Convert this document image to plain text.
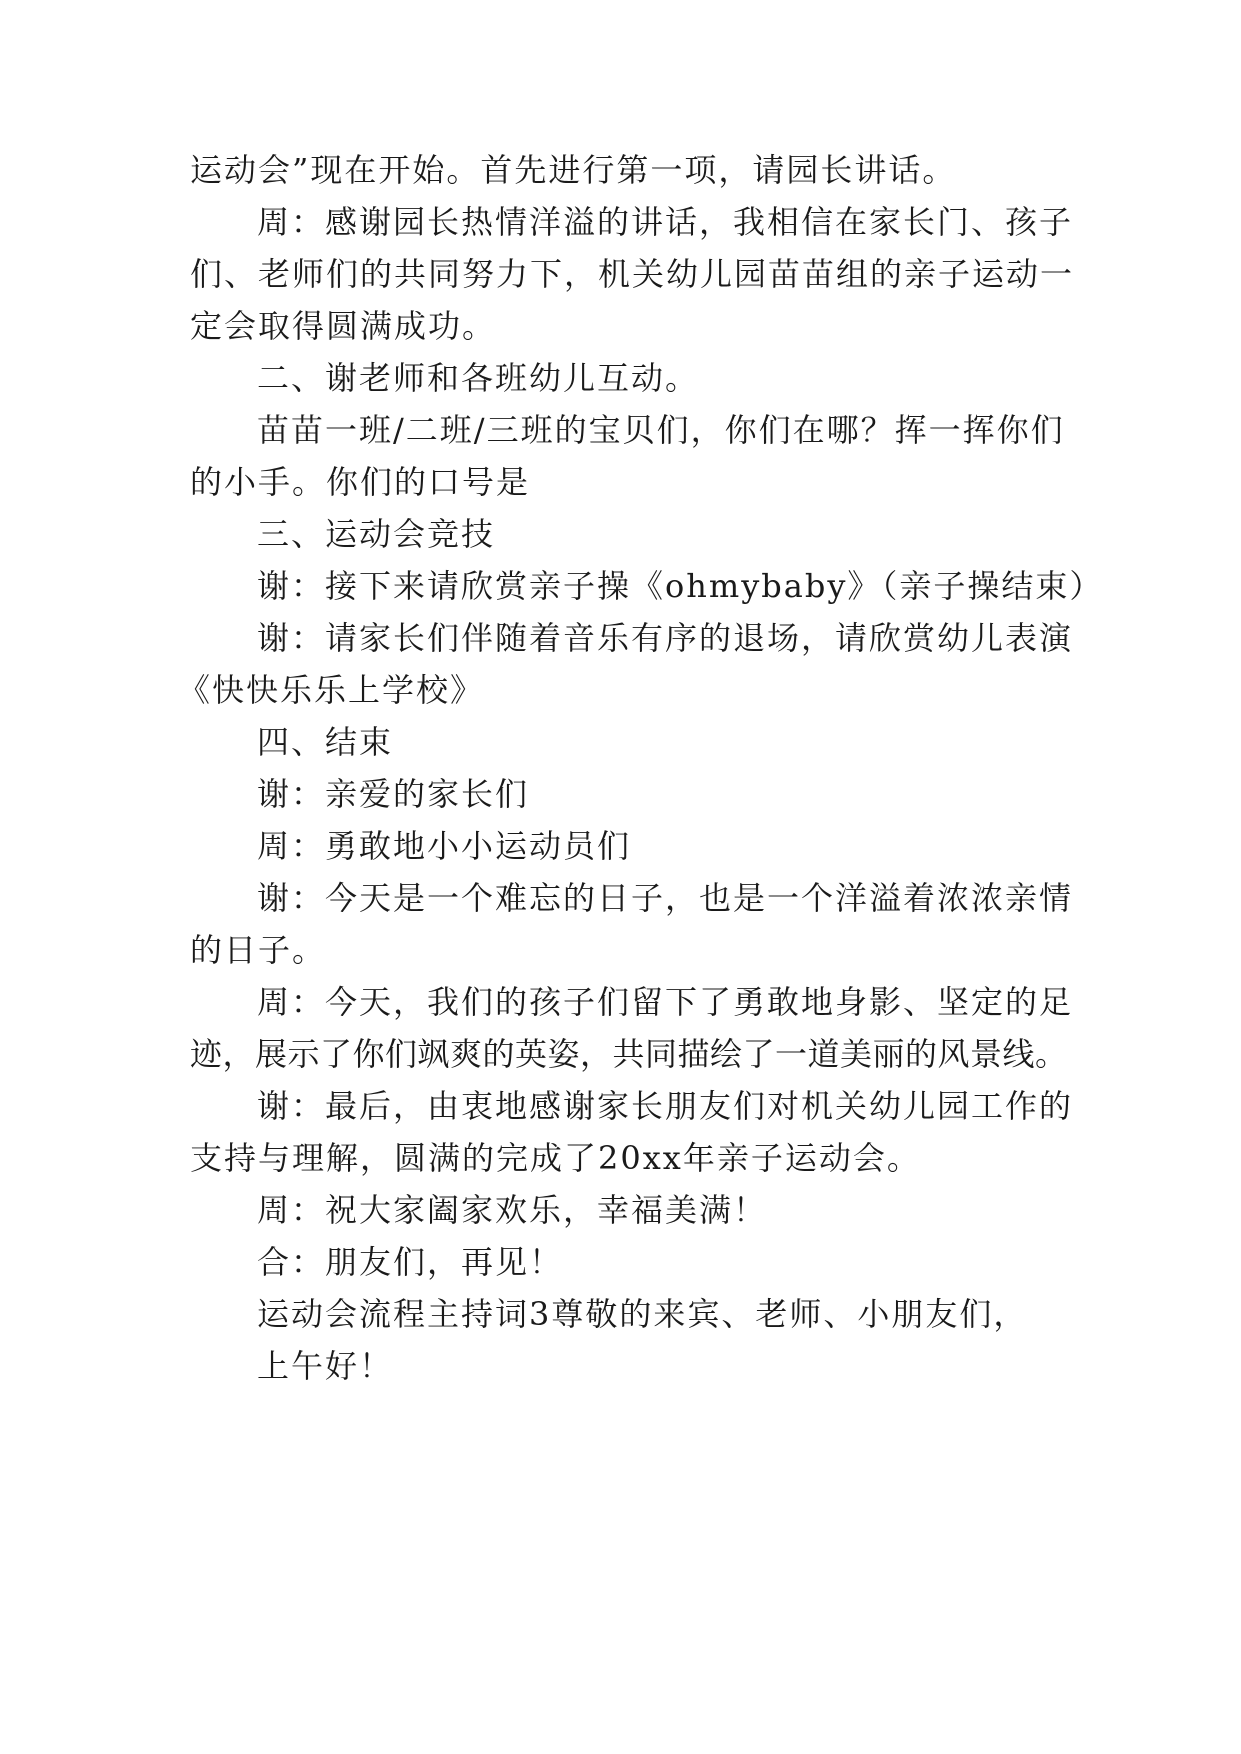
运动会”现在开始。首先进行第一项，请园长讲话。
周：感谢园长热情洋溢的讲话，我相信在家长门、孩子
们、老师们的共同努力下，机关幼儿园苗苗组的亲子运动一
定会取得圆满成功。
二、谢老师和各班幼儿互动。
苗苗一班/二班/三班的宝贝们，你们在哪？挥一挥你们
的小手。你们的口号是
三、运动会竞技
谢：接下来请欣赏亲子操《ohmybaby》（亲子操结束）
谢：请家长们伴随着音乐有序的退场，请欣赏幼儿表演
《快快乐乐上学校》
四、结束
谢：亲爱的家长们
周：勇敢地小小运动员们
谢：今天是一个难忘的日子，也是一个洋溢着浓浓亲情
的日子。
周：今天，我们的孩子们留下了勇敢地身影、坚定的足
迹，展示了你们飒爽的英姿，共同描绘了一道美丽的风景线。
谢：最后，由衷地感谢家长朋友们对机关幼儿园工作的
支持与理解，圆满的完成了20xx年亲子运动会。
周：祝大家阖家欢乐，幸福美满！
合：朋友们，再见！
运动会流程主持词3尊敬的来宾、老师、小朋友们，
上午好！
